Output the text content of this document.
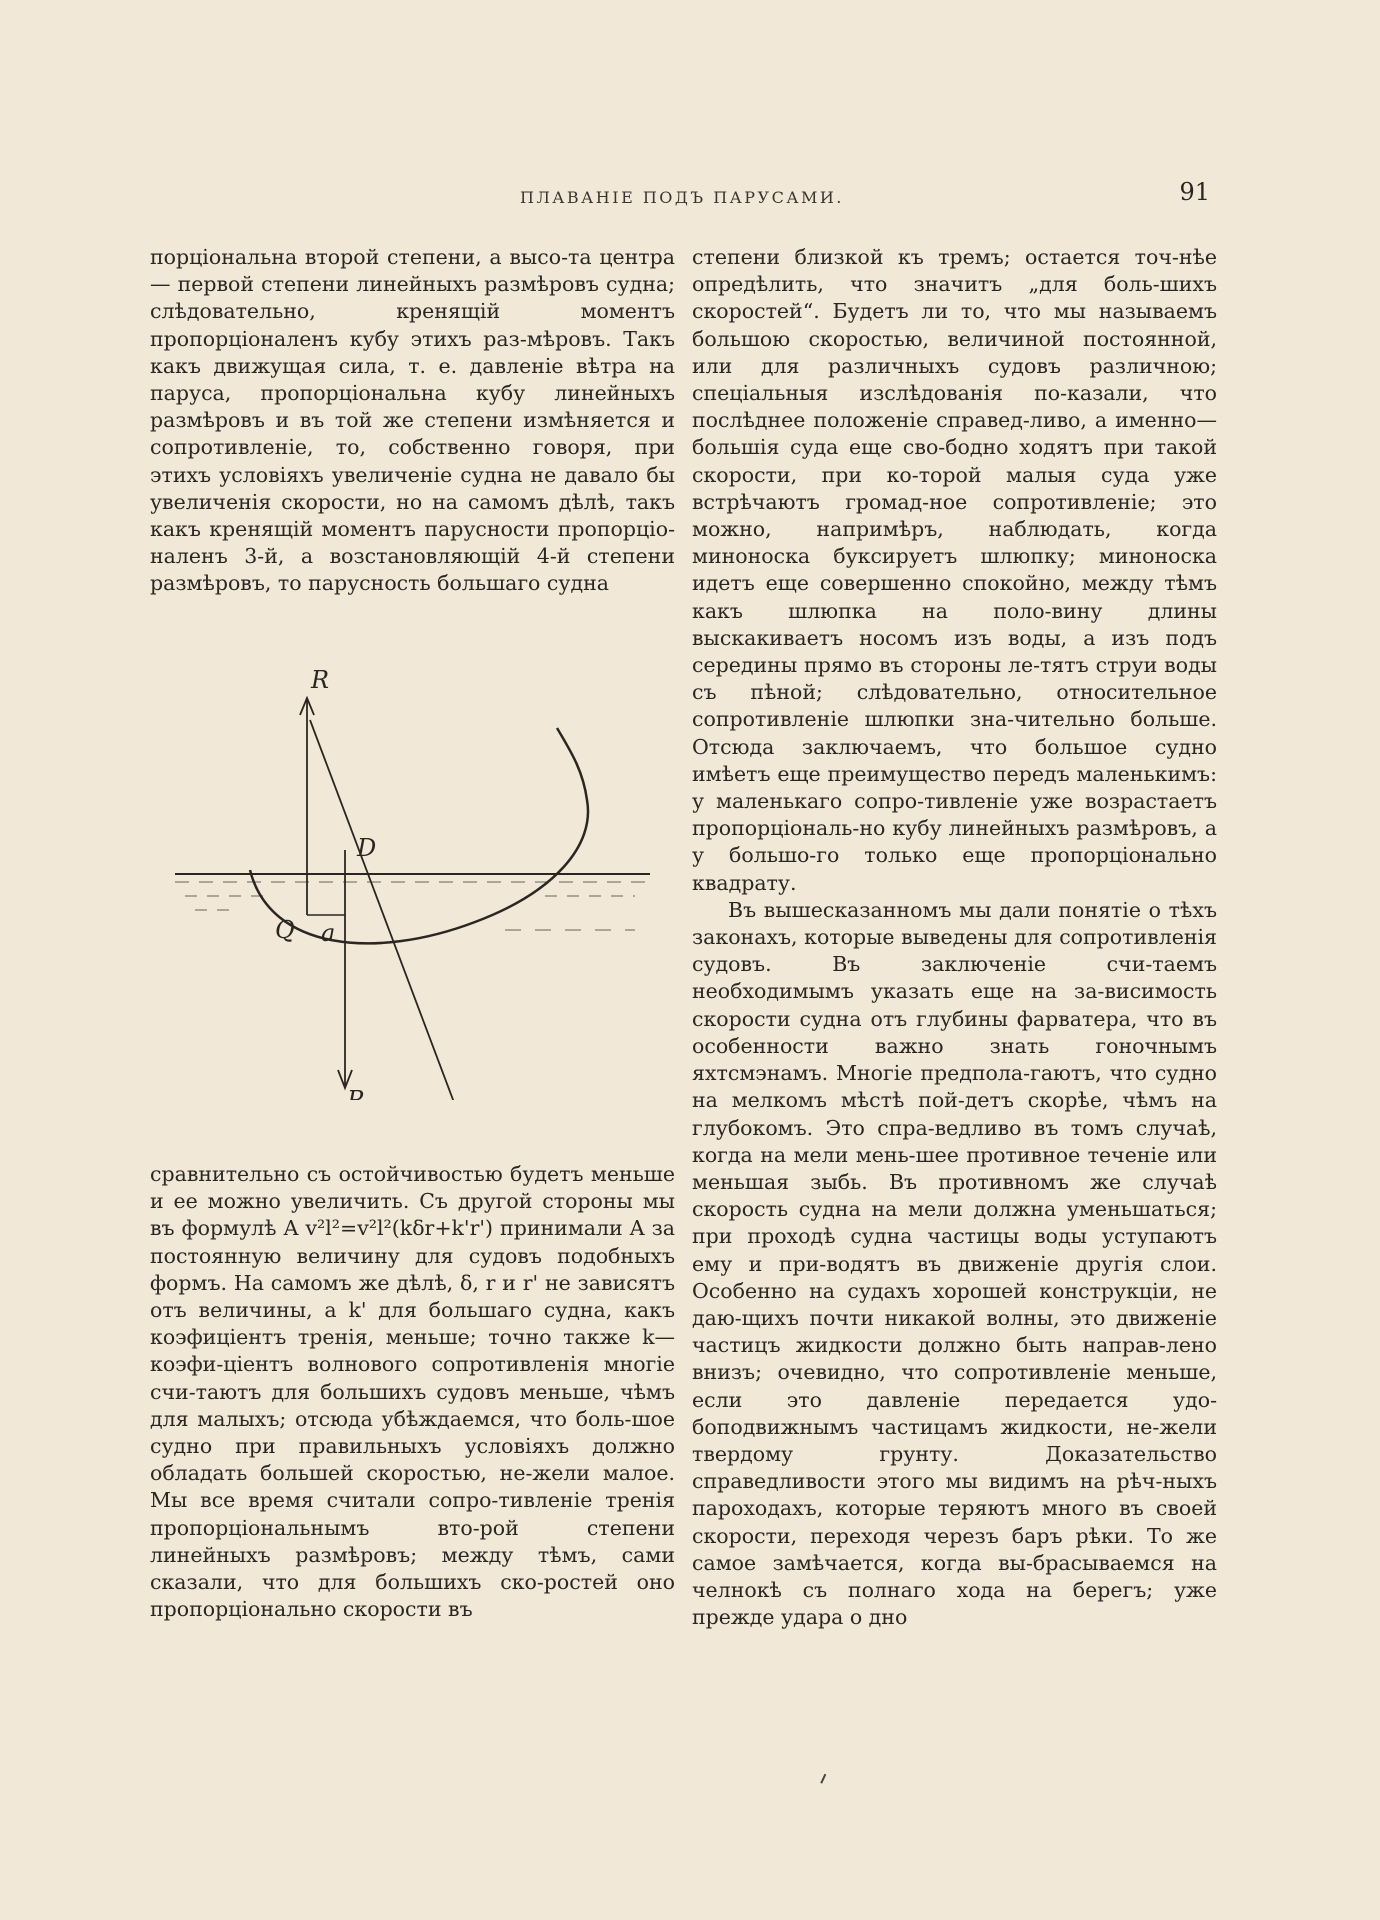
ПЛАВАНІЕ ПОДЪ ПАРУСАМИ.	91

порціональна второй степени, а высо-та центра — первой степени линейныхъ размѣровъ судна; слѣдовательно, кренящій моментъ пропорціоналенъ кубу этихъ раз-мѣровъ. Такъ какъ движущая сила, т. е. давленіе вѣтра на паруса, пропорціональна кубу линейныхъ размѣровъ и въ той же степени измѣняется и сопротивленіе, то, собственно говоря, при этихъ условіяхъ увеличеніе судна не давало бы увеличенія скорости, но на самомъ дѣлѣ, такъ какъ кренящій моментъ парусности пропорціо-наленъ 3-й, а возстановляющій 4-й степени размѣровъ, то парусность большаго судна

R
D
Q a
P

сравнительно съ остойчивостью будетъ меньше и ее можно увеличить. Съ другой стороны мы въ формулѣ A v²l²=v²l²(kδr+k'r') принимали A за постоянную величину для судовъ подобныхъ формъ. На самомъ же дѣлѣ, δ, r и r' не зависятъ отъ величины, а k' для большаго судна, какъ коэфиціентъ тренія, меньше; точно также k—коэфи-ціентъ волнового сопротивленія многіе счи-таютъ для большихъ судовъ меньше, чѣмъ для малыхъ; отсюда убѣждаемся, что боль-шое судно при правильныхъ условіяхъ должно обладать большей скоростью, не-жели малое. Мы все время считали сопро-тивленіе тренія пропорціональнымъ вто-рой степени линейныхъ размѣровъ; между тѣмъ, сами сказали, что для большихъ ско-ростей оно пропорціонально скорости въ

степени близкой къ тремъ; остается точ-нѣе опредѣлить, что значитъ „для боль-шихъ скоростей“. Будетъ ли то, что мы называемъ большою скоростью, величиной постоянной, или для различныхъ судовъ различною; спеціальныя изслѣдованія по-казали, что послѣднее положеніе справед-ливо, а именно—большія суда еще сво-бодно ходятъ при такой скорости, при ко-торой малыя суда уже встрѣчаютъ громад-ное сопротивленіе; это можно, напримѣръ, наблюдать, когда миноноска буксируетъ шлюпку; миноноска идетъ еще совершенно спокойно, между тѣмъ какъ шлюпка на поло-вину длины выскакиваетъ носомъ изъ воды, а изъ подъ середины прямо въ стороны ле-тятъ струи воды съ пѣной; слѣдовательно, относительное сопротивленіе шлюпки зна-чительно больше. Отсюда заключаемъ, что большое судно имѣетъ еще преимущество передъ маленькимъ: у маленькаго сопро-тивленіе уже возрастаетъ пропорціональ-но кубу линейныхъ размѣровъ, а у большо-го только еще пропорціонально квадрату.

Въ вышесказанномъ мы дали понятіе о тѣхъ законахъ, которые выведены для сопротивленія судовъ. Въ заключеніе счи-таемъ необходимымъ указать еще на за-висимость скорости судна отъ глубины фарватера, что въ особенности важно знать гоночнымъ яхтсмэнамъ. Многіе предпола-гаютъ, что судно на мелкомъ мѣстѣ пой-детъ скорѣе, чѣмъ на глубокомъ. Это спра-ведливо въ томъ случаѣ, когда на мели мень-шее противное теченіе или меньшая зыбь. Въ противномъ же случаѣ скорость судна на мели должна уменьшаться; при проходѣ судна частицы воды уступаютъ ему и при-водятъ въ движеніе другія слои. Особенно на судахъ хорошей конструкціи, не даю-щихъ почти никакой волны, это движеніе частицъ жидкости должно быть направ-лено внизъ; очевидно, что сопротивленіе меньше, если это давленіе передается удо-боподвижнымъ частицамъ жидкости, не-жели твердому грунту. Доказательство справедливости этого мы видимъ на рѣч-ныхъ пароходахъ, которые теряютъ много въ своей скорости, переходя черезъ баръ рѣки. То же самое замѣчается, когда вы-брасываемся на челнокѣ съ полнаго хода на берегъ; уже прежде удара о дно
